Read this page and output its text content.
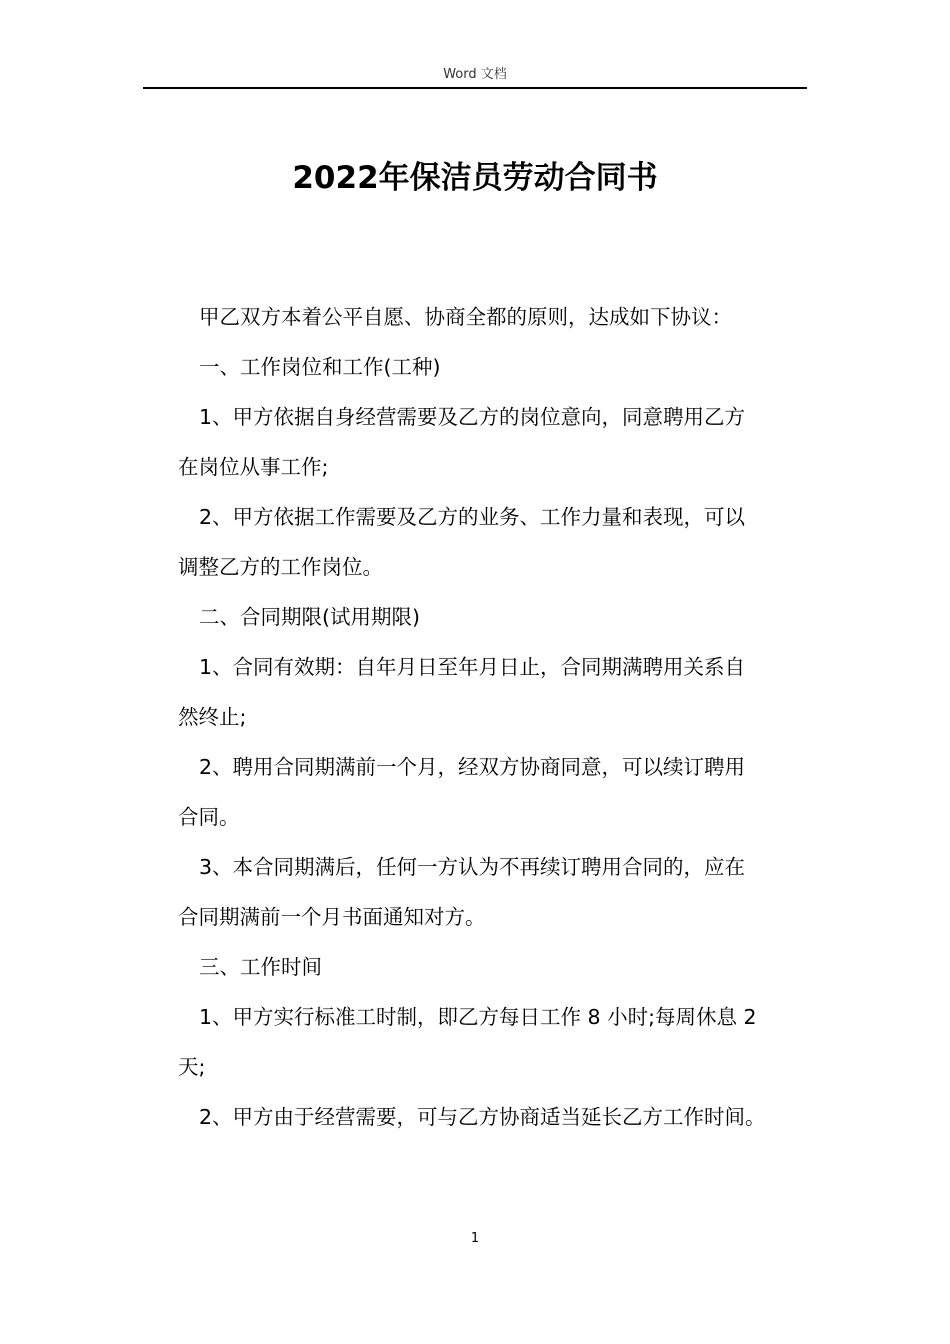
Word 文档
2022年保洁员劳动合同书

甲乙双方本着公平自愿、协商全都的原则，达成如下协议：

一、工作岗位和工作(工种)

1、甲方依据自身经营需要及乙方的岗位意向，同意聘用乙方
在岗位从事工作;

2、甲方依据工作需要及乙方的业务、工作力量和表现，可以
调整乙方的工作岗位。

二、合同期限(试用期限)

1、合同有效期：自年月日至年月日止，合同期满聘用关系自
然终止;

2、聘用合同期满前一个月，经双方协商同意，可以续订聘用
合同。

3、本合同期满后，任何一方认为不再续订聘用合同的，应在
合同期满前一个月书面通知对方。

三、工作时间

1、甲方实行标准工时制，即乙方每日工作 8 小时;每周休息 2
天;

2、甲方由于经营需要，可与乙方协商适当延长乙方工作时间。

1
